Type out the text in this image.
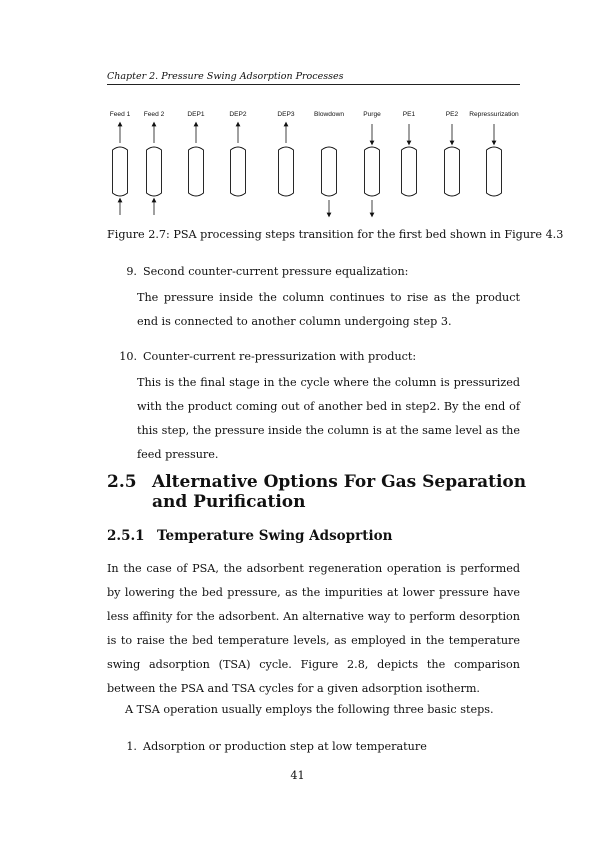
Chapter 2. Pressure Swing Adsorption Processes
Feed 1 Feed 2	DEP1	DEP2	DEP3	Blowdown	Purge	PE1	PE2 Repressurization
Figure 2.7: PSA processing steps transition for the first bed shown in Figure 4.3
9. Second counter-current pressure equalization:
The pressure inside the column continues to rise as the product end is connected to another column undergoing step 3.
10. Counter-current re-pressurization with product:
This is the final stage in the cycle where the column is pressurized with the product coming out of another bed in step2. By the end of this step, the pressure inside the column is at the same level as the feed pressure.
2.5 Alternative Options For Gas Separation and Purification
2.5.1 Temperature Swing Adsoprtion
In the case of PSA, the adsorbent regeneration operation is performed by lowering the bed pressure, as the impurities at lower pressure have less affinity for the adsorbent. An alternative way to perform desorption is to raise the bed temperature levels, as employed in the temperature swing adsorption (TSA) cycle. Figure 2.8, depicts the comparison between the PSA and TSA cycles for a given adsorption isotherm.
A TSA operation usually employs the following three basic steps.
1. Adsorption or production step at low temperature
41
